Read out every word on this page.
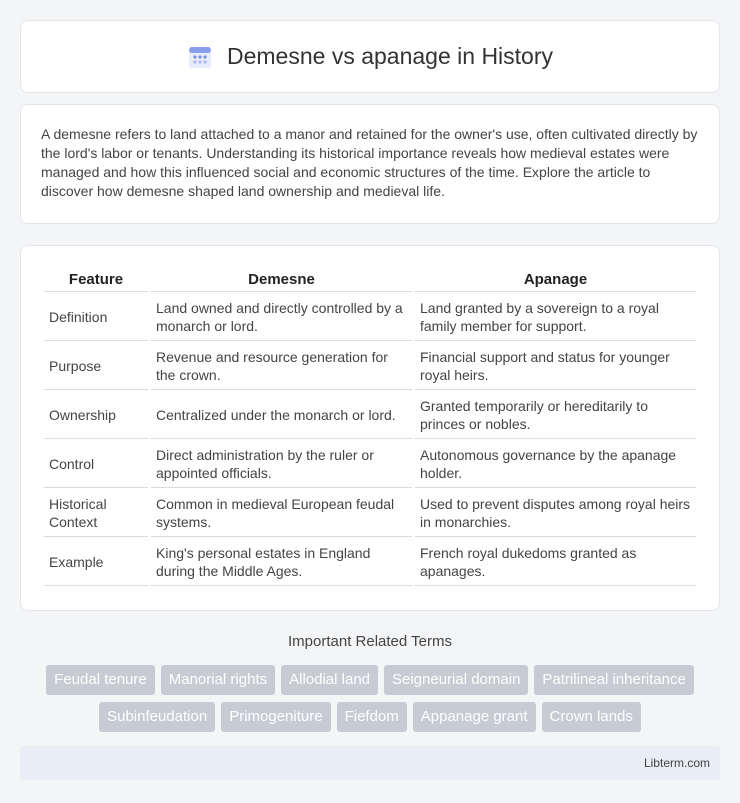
Demesne vs apanage in History

A demesne refers to land attached to a manor and retained for the owner's use, often cultivated directly by the lord's labor or tenants. Understanding its historical importance reveals how medieval estates were managed and how this influenced social and economic structures of the time. Explore the article to discover how demesne shaped land ownership and medieval life.

Feature	Demesne	Apanage
Definition	Land owned and directly controlled by a monarch or lord.	Land granted by a sovereign to a royal family member for support.
Purpose	Revenue and resource generation for the crown.	Financial support and status for younger royal heirs.
Ownership	Centralized under the monarch or lord.	Granted temporarily or hereditarily to princes or nobles.
Control	Direct administration by the ruler or appointed officials.	Autonomous governance by the apanage holder.
Historical Context	Common in medieval European feudal systems.	Used to prevent disputes among royal heirs in monarchies.
Example	King's personal estates in England during the Middle Ages.	French royal dukedoms granted as apanages.
Important Related Terms
Feudal tenure	Manorial rights	Allodial land	Seigneurial domain	Patrilineal inheritance
Subinfeudation	Primogeniture	Fiefdom	Appanage grant	Crown lands
Libterm.com
